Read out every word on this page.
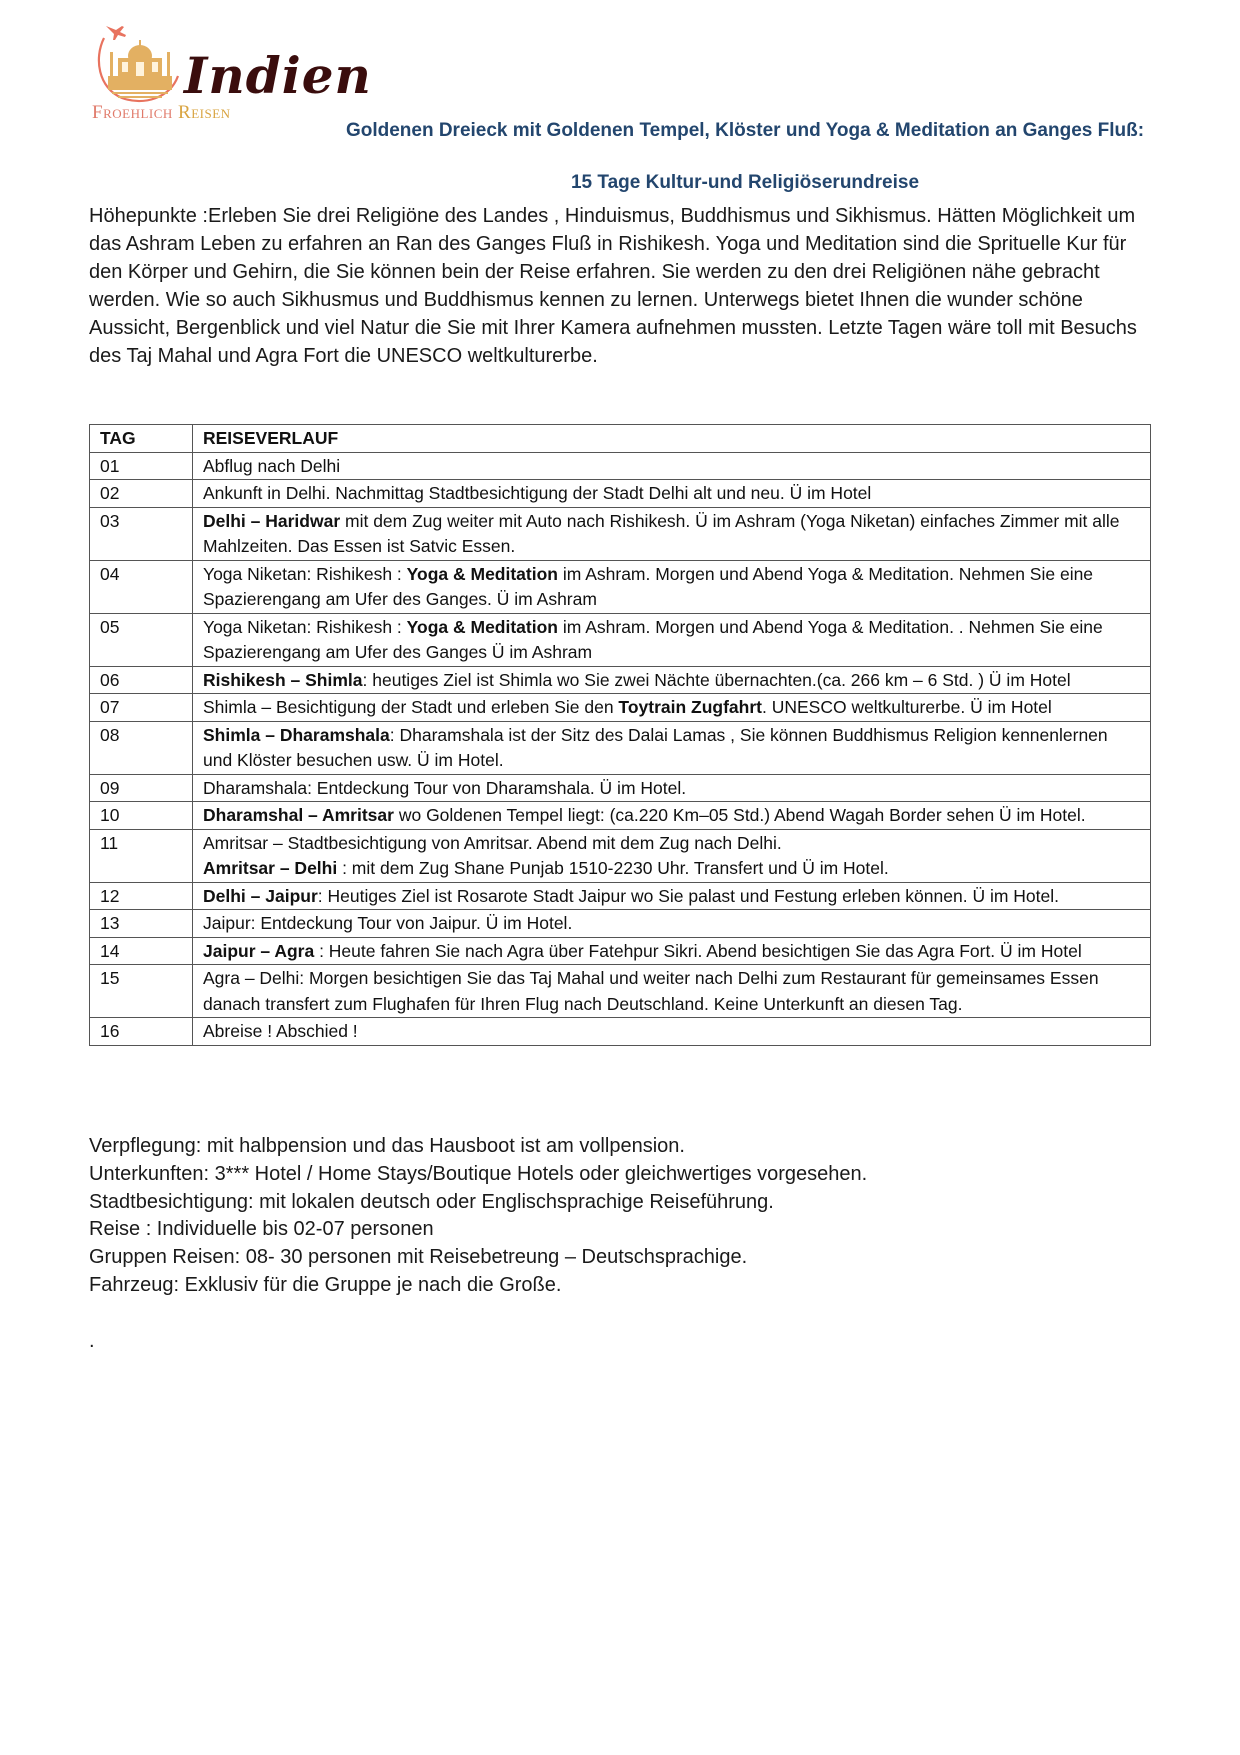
Indien
Froehlich Reisen
Goldenen Dreieck mit Goldenen Tempel, Klöster und Yoga & Meditation an Ganges Fluß:
15 Tage Kultur-und Religiöserundreise
Höhepunkte :Erleben Sie drei Religiöne des Landes , Hinduismus, Buddhismus und Sikhismus. Hätten Möglichkeit um das Ashram Leben zu erfahren an Ran des Ganges Fluß in Rishikesh. Yoga und Meditation sind die Sprituelle Kur für den Körper und Gehirn, die Sie können bein der Reise erfahren. Sie werden zu den drei Religiönen nähe gebracht werden. Wie so auch Sikhusmus und Buddhismus kennen zu lernen. Unterwegs bietet Ihnen die wunder schöne Aussicht, Bergenblick und viel Natur die Sie mit Ihrer Kamera aufnehmen mussten. Letzte Tagen wäre toll mit Besuchs des Taj Mahal und Agra Fort die UNESCO weltkulturerbe.
TAG	REISEVERLAUF
01	Abflug nach Delhi
02	Ankunft in Delhi. Nachmittag Stadtbesichtigung der Stadt Delhi alt und neu. Ü im Hotel
03	Delhi – Haridwar mit dem Zug weiter mit Auto nach Rishikesh. Ü im Ashram (Yoga Niketan) einfaches Zimmer mit alle Mahlzeiten. Das Essen ist Satvic Essen.
04	Yoga Niketan: Rishikesh : Yoga & Meditation im Ashram. Morgen und Abend Yoga & Meditation. Nehmen Sie eine Spazierengang am Ufer des Ganges. Ü im Ashram
05	Yoga Niketan: Rishikesh : Yoga & Meditation im Ashram. Morgen und Abend Yoga & Meditation. . Nehmen Sie eine Spazierengang am Ufer des Ganges Ü im Ashram
06	Rishikesh – Shimla: heutiges Ziel ist Shimla wo Sie zwei Nächte übernachten.(ca. 266 km – 6 Std. ) Ü im Hotel
07	Shimla – Besichtigung der Stadt und erleben Sie den Toytrain Zugfahrt. UNESCO weltkulturerbe. Ü im Hotel
08	Shimla – Dharamshala: Dharamshala ist der Sitz des Dalai Lamas , Sie können Buddhismus Religion kennenlernen und Klöster besuchen usw. Ü im Hotel.
09	Dharamshala: Entdeckung Tour von Dharamshala. Ü im Hotel.
10	Dharamshal – Amritsar wo Goldenen Tempel liegt: (ca.220 Km–05 Std.) Abend Wagah Border sehen Ü im Hotel.
11	Amritsar – Stadtbesichtigung von Amritsar. Abend mit dem Zug nach Delhi.
Amritsar – Delhi : mit dem Zug Shane Punjab 1510-2230 Uhr. Transfert und Ü im Hotel.
12	Delhi – Jaipur: Heutiges Ziel ist Rosarote Stadt Jaipur wo Sie palast und Festung erleben können. Ü im Hotel.
13	Jaipur: Entdeckung Tour von Jaipur. Ü im Hotel.
14	Jaipur – Agra : Heute fahren Sie nach Agra über Fatehpur Sikri. Abend besichtigen Sie das Agra Fort. Ü im Hotel
15	Agra – Delhi: Morgen besichtigen Sie das Taj Mahal und weiter nach Delhi zum Restaurant für gemeinsames Essen danach transfert zum Flughafen für Ihren Flug nach Deutschland. Keine Unterkunft an diesen Tag.
16	Abreise ! Abschied !
Verpflegung: mit halbpension und das Hausboot ist am vollpension.
Unterkunften: 3*** Hotel / Home Stays/Boutique Hotels oder gleichwertiges vorgesehen.
Stadtbesichtigung: mit lokalen deutsch oder Englischsprachige Reiseführung.
Reise : Individuelle bis 02-07 personen
Gruppen Reisen: 08- 30 personen mit Reisebetreung – Deutschsprachige.
Fahrzeug: Exklusiv für die Gruppe je nach die Große.

.
